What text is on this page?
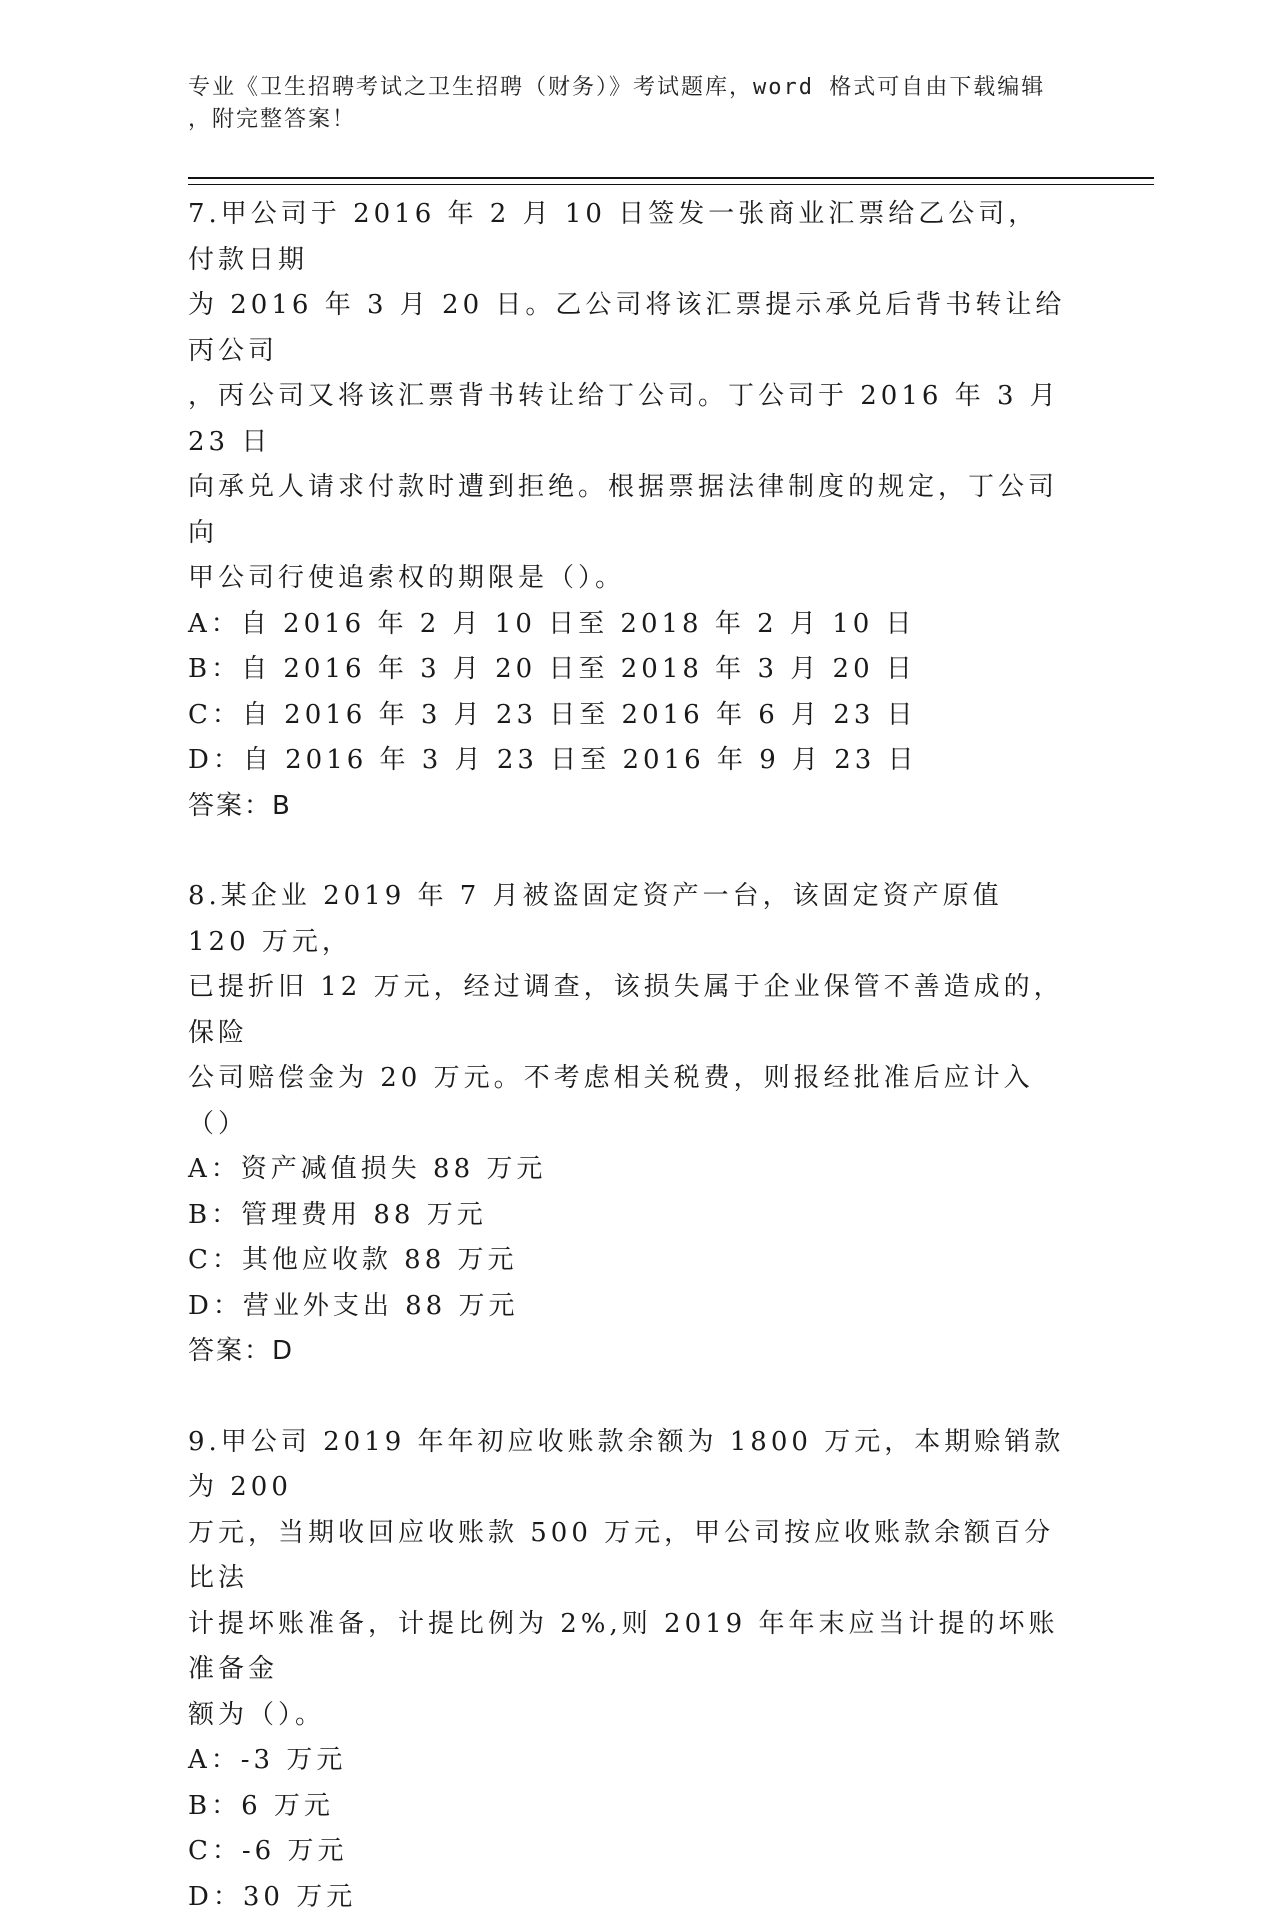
专业《卫生招聘考试之卫生招聘（财务）》考试题库，word 格式可自由下载编辑
，附完整答案！
7.甲公司于 2016 年 2 月 10 日签发一张商业汇票给乙公司，付款日期
为 2016 年 3 月 20 日。乙公司将该汇票提示承兑后背书转让给丙公司
，丙公司又将该汇票背书转让给丁公司。丁公司于 2016 年 3 月 23 日
向承兑人请求付款时遭到拒绝。根据票据法律制度的规定，丁公司向
甲公司行使追索权的期限是（）。
A：自 2016 年 2 月 10 日至 2018 年 2 月 10 日
B：自 2016 年 3 月 20 日至 2018 年 3 月 20 日
C：自 2016 年 3 月 23 日至 2016 年 6 月 23 日
D：自 2016 年 3 月 23 日至 2016 年 9 月 23 日
答案：B
8.某企业 2019 年 7 月被盗固定资产一台，该固定资产原值 120 万元，
已提折旧 12 万元，经过调查，该损失属于企业保管不善造成的，保险
公司赔偿金为 20 万元。不考虑相关税费，则报经批准后应计入（）
A：资产减值损失 88 万元
B：管理费用 88 万元
C：其他应收款 88 万元
D：营业外支出 88 万元
答案：D
9.甲公司 2019 年年初应收账款余额为 1800 万元，本期赊销款为 200
万元，当期收回应收账款 500 万元，甲公司按应收账款余额百分比法
计提坏账准备，计提比例为 2%,则 2019 年年末应当计提的坏账准备金
额为（）。
A：-3 万元
B：6 万元
C：-6 万元
D：30 万元
